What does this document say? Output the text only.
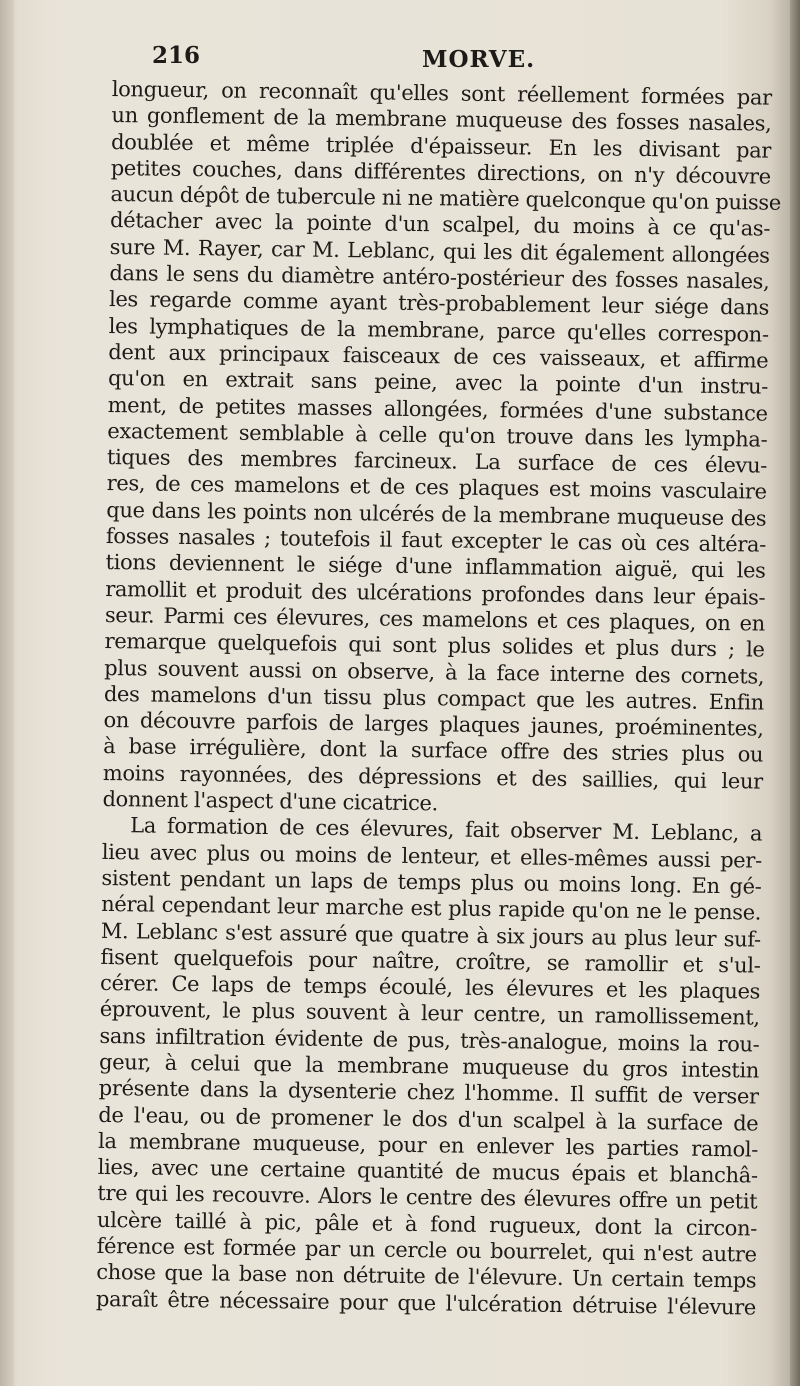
216	MORVE.
longueur, on reconnaît qu'elles sont réellement formées par
un gonflement de la membrane muqueuse des fosses nasales,
doublée et même triplée d'épaisseur. En les divisant par
petites couches, dans différentes directions, on n'y découvre
aucun dépôt de tubercule ni ne matière quelconque qu'on puisse
détacher avec la pointe d'un scalpel, du moins à ce qu'as-
sure M. Rayer, car M. Leblanc, qui les dit également allongées
dans le sens du diamètre antéro-postérieur des fosses nasales,
les regarde comme ayant très-probablement leur siége dans
les lymphatiques de la membrane, parce qu'elles correspon-
dent aux principaux faisceaux de ces vaisseaux, et affirme
qu'on en extrait sans peine, avec la pointe d'un instru-
ment, de petites masses allongées, formées d'une substance
exactement semblable à celle qu'on trouve dans les lympha-
tiques des membres farcineux. La surface de ces élevu-
res, de ces mamelons et de ces plaques est moins vasculaire
que dans les points non ulcérés de la membrane muqueuse des
fosses nasales ; toutefois il faut excepter le cas où ces altéra-
tions deviennent le siége d'une inflammation aiguë, qui les
ramollit et produit des ulcérations profondes dans leur épais-
seur. Parmi ces élevures, ces mamelons et ces plaques, on en
remarque quelquefois qui sont plus solides et plus durs ; le
plus souvent aussi on observe, à la face interne des cornets,
des mamelons d'un tissu plus compact que les autres. Enfin
on découvre parfois de larges plaques jaunes, proéminentes,
à base irrégulière, dont la surface offre des stries plus ou
moins rayonnées, des dépressions et des saillies, qui leur
donnent l'aspect d'une cicatrice.
La formation de ces élevures, fait observer M. Leblanc, a
lieu avec plus ou moins de lenteur, et elles-mêmes aussi per-
sistent pendant un laps de temps plus ou moins long. En gé-
néral cependant leur marche est plus rapide qu'on ne le pense.
M. Leblanc s'est assuré que quatre à six jours au plus leur suf-
fisent quelquefois pour naître, croître, se ramollir et s'ul-
cérer. Ce laps de temps écoulé, les élevures et les plaques
éprouvent, le plus souvent à leur centre, un ramollissement,
sans infiltration évidente de pus, très-analogue, moins la rou-
geur, à celui que la membrane muqueuse du gros intestin
présente dans la dysenterie chez l'homme. Il suffit de verser
de l'eau, ou de promener le dos d'un scalpel à la surface de
la membrane muqueuse, pour en enlever les parties ramol-
lies, avec une certaine quantité de mucus épais et blanchâ-
tre qui les recouvre. Alors le centre des élevures offre un petit
ulcère taillé à pic, pâle et à fond rugueux, dont la circon-
férence est formée par un cercle ou bourrelet, qui n'est autre
chose que la base non détruite de l'élevure. Un certain temps
paraît être nécessaire pour que l'ulcération détruise l'élevure
